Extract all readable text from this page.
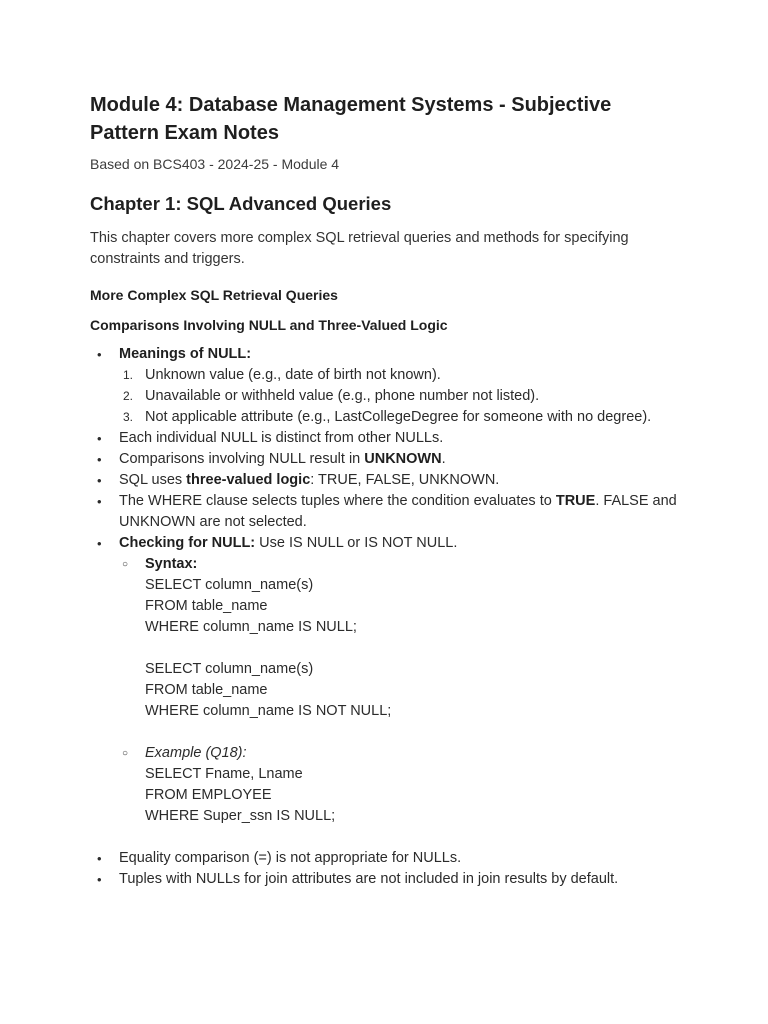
Module 4: Database Management Systems - Subjective Pattern Exam Notes

Based on BCS403 - 2024-25 - Module 4

Chapter 1: SQL Advanced Queries

This chapter covers more complex SQL retrieval queries and methods for specifying constraints and triggers.

More Complex SQL Retrieval Queries
Comparisons Involving NULL and Three-Valued Logic
• Meanings of NULL:
1. Unknown value (e.g., date of birth not known).
2. Unavailable or withheld value (e.g., phone number not listed).
3. Not applicable attribute (e.g., LastCollegeDegree for someone with no degree).
• Each individual NULL is distinct from other NULLs.
• Comparisons involving NULL result in UNKNOWN.
• SQL uses three-valued logic: TRUE, FALSE, UNKNOWN.
• The WHERE clause selects tuples where the condition evaluates to TRUE. FALSE and UNKNOWN are not selected.
• Checking for NULL: Use IS NULL or IS NOT NULL.
○ Syntax:
SELECT column_name(s)
FROM table_name
WHERE column_name IS NULL;
SELECT column_name(s)
FROM table_name
WHERE column_name IS NOT NULL;
○ Example (Q18):
SELECT Fname, Lname
FROM EMPLOYEE
WHERE Super_ssn IS NULL;
• Equality comparison (=) is not appropriate for NULLs.
• Tuples with NULLs for join attributes are not included in join results by default.
